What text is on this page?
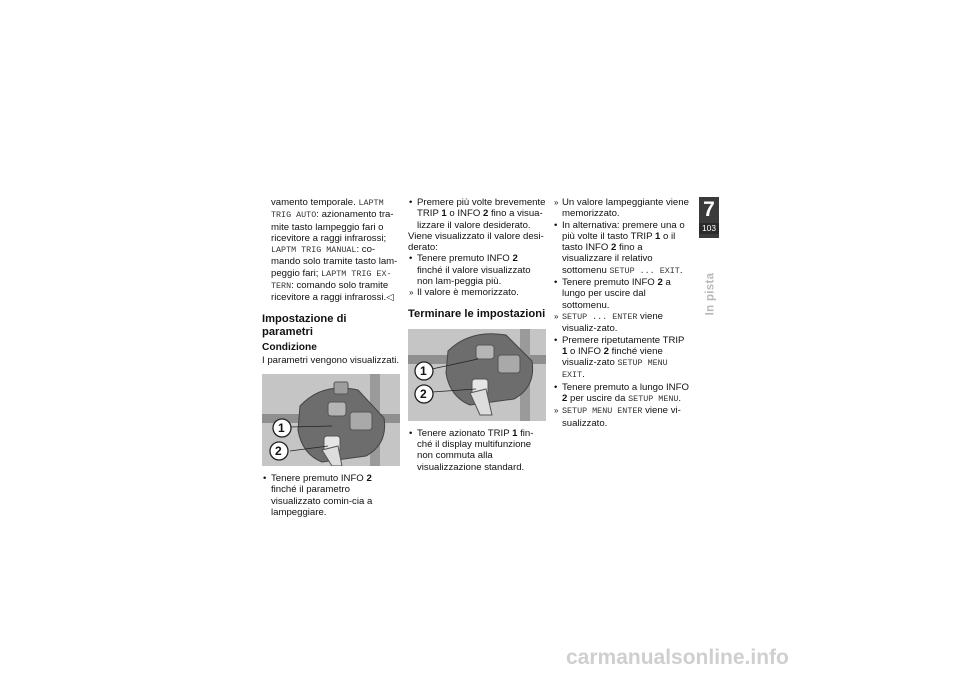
vamento temporale. LAPTM TRIG AUTO: azionamento tra-mite tasto lampeggio fari o ricevitore a raggi infrarossi; LAPTM TRIG MANUAL: co-mando solo tramite tasto lam-peggio fari; LAPTM TRIG EX-TERN: comando solo tramite ricevitore a raggi infrarossi.◁

Impostazione di parametri
Condizione

I parametri vengono visualizzati.

1
2

• Tenere premuto INFO 2 finché il parametro visualizzato comin-cia a lampeggiare.

• Premere più volte brevemente TRIP 1 o INFO 2 fino a visua-lizzare il valore desiderato.

Viene visualizzato il valore desi-derato:

• Tenere premuto INFO 2 finché il valore visualizzato non lam-peggia più.

» Il valore è memorizzato.

Terminare le impostazioni
1
2

• Tenere azionato TRIP 1 fin-ché il display multifunzione non commuta alla visualizzazione standard.

» Un valore lampeggiante viene memorizzato.

• In alternativa: premere una o più volte il tasto TRIP 1 o il tasto INFO 2 fino a visualizzare il relativo sottomenu SETUP ... EXIT.

• Tenere premuto INFO 2 a lungo per uscire dal sottomenu.

» SETUP ... ENTER viene visualiz-zato.

• Premere ripetutamente TRIP 1 o INFO 2 finché viene visualiz-zato SETUP MENU EXIT.

• Tenere premuto a lungo INFO 2 per uscire da SETUP MENU.

» SETUP MENU ENTER viene vi-sualizzato.

7
103
In pista
carmanualsonline.info
